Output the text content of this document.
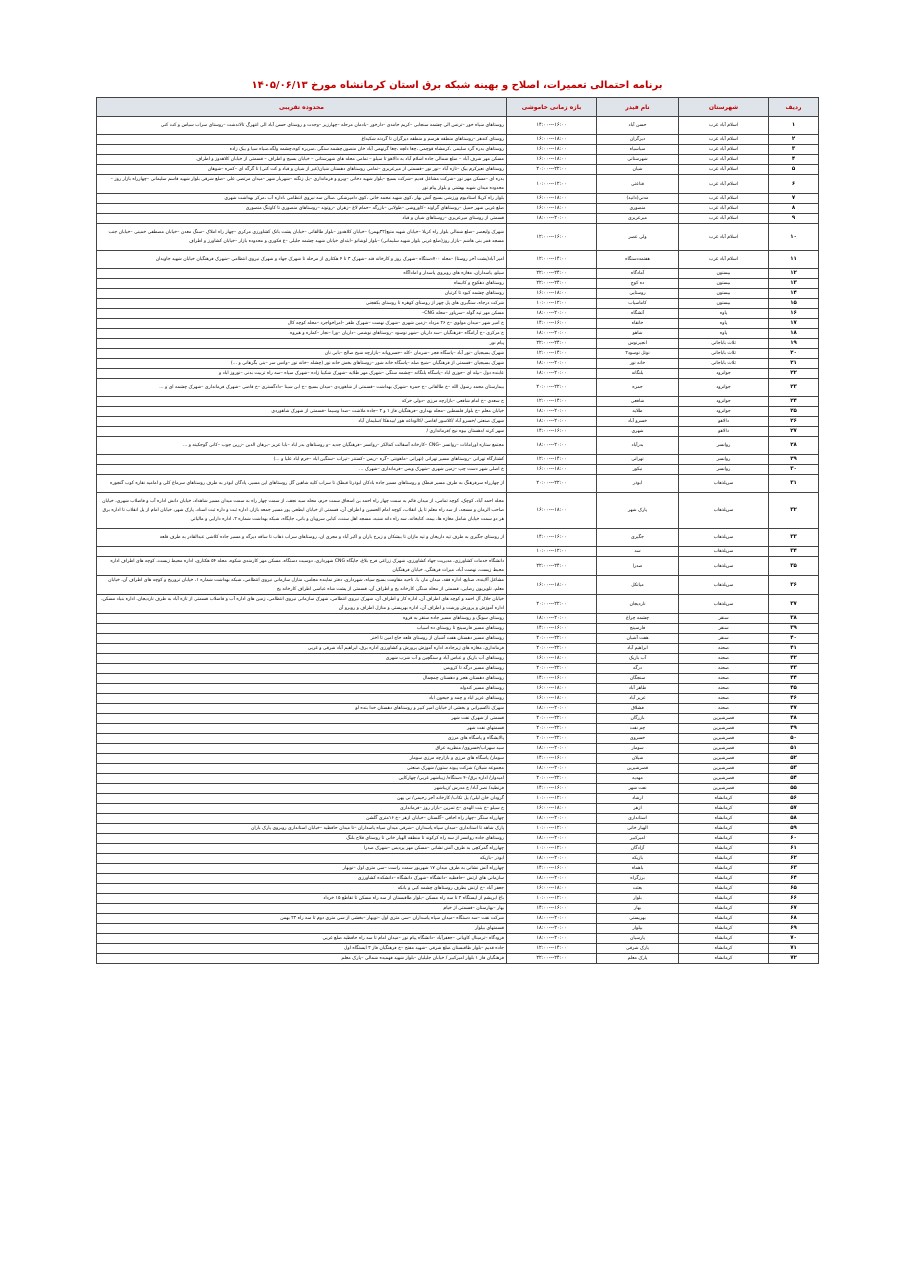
برنامه احتمالی تعمیرات، اصلاح و بهینه شبکه برق استان کرمانشاه مورخ ۱۴۰۵/۰۶/۱۳
ردیف	شهرستان	نام فیدر	بازه زمانی خاموشی	محدوده تقریبی
۱	اسلام آباد غرب	حسن آباد	۱۴:۰۰---۱۶:۰۰	روستاهای سیاه خور –ترنس الی چشمه سنجابی –کریم حامدی –دارخور –بادمان مرحله –چهارزبر –وحدت و روستای حسن آباد الی انتهرگ تالاندشت –روستای سراب سیاس و کت کنی
۲	اسلام آباد غرب	دیزگران	۱۶:۰۰---۱۸:۰۰	روستای کندهر –روستاهای منطقه هرسم و منطقه دیزگران تا گردنه شکیداغ
۳	اسلام آباد غرب	سیاسیاه	۱۶:۰۰---۱۸:۰۰	روستاهای بدره گرد سلیمی ،کرمشاه قوچمی ،چغا دلچه ،چغا گرنهمی آباد خان منصور،چشمه سنگی ،سربره کوه،چشمه ولگه،سیاه سیا و بیک زاده
۴	اسلام آباد غرب	شهرستانی	۱۶:۰۰---۱۸:۰۰	مسکن مهر شرف آباد – ضلع شمالی جاده اسلام آباد به دالاهو تا سیلو – تمامی محله های شهرستانی – خیابان بسیج و اطراف – قسمتی از خیابان کلاهدوز و اطراف
۵	اسلام آباد غرب	شیان	۲۰:۰۰---۲۲:۰۰	روستاهای نعیرکرم بیک –تازه آباد –نور نور –قسمتی از میرعزیزی –تمامی روستاهای دهستان شیان(غیر از شیان و قباد و کت کنی) تا گرگه ای –کمره –شوهان
۶	اسلام آباد غرب	قناعتی	۱۰:۰۰---۱۲:۰۰	بدره ای –مسکن مهر نور –شرکت مشاغل قدیم –شرکت بسیج –بلوار شهید دخانی –ویرو و فرمانداری –پل زنگنه –شهریار شهر –میدان مرتضی علی –ضلع شرقی بلوار شهید قاسم سلیمانی –چهارراه بازار روز –محدوده میدان شهید بهشتی و بلوار پیام نور
۷	اسلام آباد غرب	مدنی(دانید)	۱۶:۰۰---۱۸:۰۰	بلوار راه کربلا استادیوم ورزشی بسیج آتش بهار ،کوی شهید محمد خانی ،کوی دامپزشکی ،سالن سه نیروی انتظامی ،اداره آب ،مرکز بهداشت شهری
۸	اسلام آباد غرب	منصوری	۱۶:۰۰---۱۸:۰۰	ضلع غربی شهر حمیل –روستاهای گراوند –کاوروشی –طولابی –بازرگه –حمام لاغ –زهران –روتوند –روستاهای منصوری تا کاوتنگ منصوری
۹	اسلام آباد غرب	میرعزیزی	۱۸:۰۰---۲۰:۰۰	قسمتی از روستای میرعزیزی –روستاهای شیان و قباد
۱۰	اسلام آباد غرب	ولی عصر	۱۲:۰۰---۱۶:۰۰	شهرک ولیعصر –ضلع شمالی بلوار راه کربلا –خیابان شهید متبع(۳۲بهمن) –خیابان کلاهدوز –بلوار طالقانی –خیابان پشت بانک کشاورزی مرکزی –چهار راه املاک –سنگ معدن –خیابان مصطفی خمینی –خیابان جنب مسجد قمر بنی هاشم –بازار روز(ضلع غربی بلوار شهید سلیمانی) –بلوار لوشانو –ابتدای خیابان شهید چشمه جلیلی –ع فکوری و محدوده بازار –خیابان کشاورز و اطراف
۱۱	اسلام آباد غرب	هفتمددستگاه	۱۲:۰۰---۱۴:۰۰	امیر آباد(پشت آخر روستا) –محله ۷۰۰دستگاه –شهرک روز و کارخانه قند –شهرک ۳ تا ۴ هکتاری از مرحله تا شهرک جهاد و شهرک نیروی انتظامی –شهرک فرهنگیان خیابان شهید جاویدان
۱۲	بیستون	آمادگاه	۲۲:۰۰---۲۴:۰۰	سیلو، پاسداران، مغازه های روبروی پاسدار و اماداگاه
۱۳	بیستون	ده کوچ	۲۲:۰۰---۲۴:۰۰	روستاهای دهکوچ و کانیماه
۱۴	بیستون	روستایی	۱۶:۰۰---۱۸:۰۰	روستاهای چشمه کبود تا کرتیان
۱۵	بیستون	کاماسیاب	۱۰:۰۰---۱۲:۰۰	شرکت درجاه، سنگبری های پل چهر از روستای کوهره تا روستای بکفجنی
۱۶	پاوه	آتشگاه	۱۸:۰۰---۲۰:۰۰	مسکن مهر تپه گوله –سرپاور –محله CNG–
۱۷	پاوه	خانقاه	۱۴:۰۰---۱۶:۰۰	خ امیر شهر –میدان مولوی –خ ۲۶ مرداد –زمین شهری –شهرک نهضت –شهرک ظفر –امراخواجرد –محله کوچه کال
۱۸	پاوه	شاهو	۱۸:۰۰---۲۰:۰۰	خ مرکزی –خ آرامگاه –فرهنگیان –سد داریان –شهر نوسود –روستاهای نوشمی –داریان –ورا –نجار –کماره و هیروه
۱۹	ثلاث باباجانی	انجیرنوس	۲۲:۰۰---۲۴:۰۰	پیام نور
۲۰	ثلاث باباجانی	نوتل نوسود۲	۱۲:۰۰---۱۴:۰۰	شهرک بسیجیان –نور آباد –پاسگاه فجر –شرمان –کله –خسروپانه –بازارچه شیخ صالح –بابی نان
۲۱	ثلاث باباجانی	خانه نور	۱۸:۰۰---۲۰:۰۰	شهرک بسیجیان –قسمتی از فرهنگیان –شیخ صله –پاسگاه خانه شور –روستاهای بخش خانه نور (چشله –خانه نور –وانس سر –بنی بگرهانی و ...)
۲۲	جوانرود	بلنگانه	۱۸:۰۰---۲۰:۰۰	عابنده دول –بیله ای –حوری اباد –پاسگاه بلنگانه –چشمه سنگی –شهرک مهر طلایه –شهرک شکیبا زاده –شهرک سپاه –سه راه تربیت بدنی –نوروز اباد و
۲۳	جوانرود	حمزه	۲۰:۰۰---۲۲:۰۰	بیمارستان محمد رسول الله –خ طالقانی –خ حمزه –شهرک بهداشت –قسمتی از شاهوردی –میدان بسیج –خ ابن سینا –دادگستری –خ قاضی –شهرک فرمانداری –شهرک چشمه ای و ...
۲۴	جوانرود	شافعی	۱۲:۰۰---۱۴:۰۰	خ سعدی –خ امام شافعی –بازارچه مرزی –دولی خرکه
۲۵	جوانرود	طلایه	۱۸:۰۰---۲۰:۰۰	خیابان معلم –خ بلوار فلسطین –محله بهداری –فرهنگیان فاز ۱ و ۲ –جاده ملاشت –صدا وسیما –قسمتی از شهرک شاهوردی
۲۶	دالاهو	خسرو آباد	۱۸:۰۰---۲۰:۰۰	شهرک صنعتی /خسرو آباد /کلاسور /قاضی /کالوداغه هور /بیدهکا /سلیمان آباد
۲۷	دالاهو	شهری	۱۴:۰۰---۱۶:۰۰	شهر کرند /دهستان بیوه نیج /فرمانداری /
۲۸	روانسر	بدرآباد	۱۸:۰۰---۲۰:۰۰	مجتمع ستاره اورامانات –روانسر –CNG –کارخانه آسفالت کمالکر –روانسر –فرهنگیان جدید –و روستاهای بدر اباد –بابا عزیز –برهان الدین –زرین جوب –کانی گوجکینه و ...
۲۹	روانسر	تهرانی	۱۲:۰۰---۱۴:۰۰	کشتارگاه تهرانی –روستاهای مسیر تهرانی (تهرانی –ماهونتی –گره –ریس –کستنر –تیراب –سنگین اباد –خرم اباد علیا و ...)
۳۰	روانسر	نیکور	۱۶:۰۰---۱۸:۰۰	خ اصلی شهر دست چپ –زمین شهری –شهرک ویس –فرمانداری –شهرک ...
۳۱	سرپلذهاب	ابوذر	۲۰:۰۰---۲۲:۰۰	از چهارراه سرفرهنگ به طرف مسیر قبطک و روستاهای مسیر جاده بادکان ابوذرتا قبطک تا سراب کلیه شاهین گل روستاهای این مسیر، پادگان ابوذر به طرف روستاهای سرماغ کلی و امامیه نقاره کوب گنجوره
۳۲	سرپلذهاب	پارک شهر	۱۶:۰۰---۱۸:۰۰	محله احمد آباد، کوچک، کوچه تمامی، از میدان قائم به سمت چهار راه احمد بن اسحاق سمت حرم، محله سید نجف، از سمت چهار راه به سمت میدان مسیر شاهداد، خیابان دانش اداره آب و فاضلاب شهری، خیابان صاحب الزمان و مسجد، از سه راه معلم تا پل انقلاب، کوچه امام الحسین و اطراف آن، قسمتی از خیابان ابطحی پور مسیر جمعه بازار، اداره ثبت و داره ثبت اسناد، پارک شهر، خیابان امام از پل انقلاب تا اداره برق هر دو سمت خیابان شامل مغازه ها، بیمه، کتابخانه، سه راه دانه شنبه، مسجد اهل سنت، کبابی سرویان و بانی، جایگاه، شبکه بهداشت شماره ۲، اداره دارایی و مالیاتی
۳۳	سرپلذهاب	جگیری	۱۴:۰۰---۱۶:۰۰	از روستای جگیری به طرف تپه داریخان و تپه مازان تا بیشکان و زیرخ باران و اکبر آباد و مجری ان، روستاهای سراب ذهاب تا ساقه دیزگه و مسیر جاده کلاشی عبدالقادر به طرف قلعه
۳۴	سرپلذهاب	سد	۱۰:۰۰---۱۲:۰۰	
۳۵	سرپلذهاب	صدرا	۲۲:۰۰---۲۴:۰۰	دانشگاه خدمات کشاورزی، مدیریت جهاد کشاورزی، شهرک زراعی فرح بلاغ، جایگاه CNG شهرداری، دوسیت دستگاه، مسکن مهر کارمندی شکوه، محله ۵۴ هکتاری، اداره محیط زیست، کوچه های اطراف اداره محیط زیست، نهضت آباد، میراث فرهنگی، خیابان فرهنگیان
۳۶	سرپلذهاب	میانکل	۱۶:۰۰---۱۸:۰۰	مشاغل آلاینده، صنایع، اداره فقه، میدان مار، با، ناحیه مقاومت بسیج سپاه، شهرداری، دفتر نماینده مجلس، منازل سازمانی نیروی انتظامی، شبکه بهداشت شماره ۱، خیابان تروریخ و کوچه های اطراف آن، خیابان معلم، تلویزیون رضایی، قسمتی از محله سنگر، کارخانه یخ و اطراف آن، قسمتی از پشت شاه عباسی اطراف کارخانه یخ
۳۷	سرپلذهاب	ناردیجان	۲۰:۰۰---۲۲:۰۰	خیابان جلال آل احمد و کوچه های اطراف آن، اداره کار و اطراف آن، شهرک نیروی انتظامی، شهرک سازمانی نیروی انتظامی، زمین های اداره آب و فاضلاب قسمتی از تازه آباد به طرف ناردیجان، اداره بنیاد مسکن، اداره آموزش و پرورش ورشت و اطراف آن، اداره بهزیستی و منازل اطراف و روبرو آن
۳۸	سنقر	چشمه چراغ	۱۸:۰۰---۲۰:۰۰	روستای سونگ و روستاهای مسیر جاده سنقر به قروه
۳۹	سنقر	فارسینج	۱۴:۰۰---۱۶:۰۰	روستاهای مسیر فارسینج تا روستای ده اسیاب
۴۰	سنقر	هفت آشیان	۲۰:۰۰---۲۲:۰۰	روستاهای مسیر دهستان هفت آشیان از روستای قلعه حاج امین تا اخنر
۴۱	صحنه	ابراهیم آباد	۲۰:۰۰---۲۲:۰۰	فرمانداری، مغازه های زیرجاده، اداره آموزش پرورش و کشاورزی اداره برق، ابراهیم آباد شرقی و غربی
۴۲	صحنه	آب باریک	۱۶:۰۰---۱۸:۰۰	روستاهای آب باریک و عباس آباد و سنگچین و آب شرب شهری
۴۳	صحنه	درگه	۲۰:۰۰---۲۲:۰۰	روستاهای مسیر درگه تا کرویس
۴۴	صحنه	سنجگان	۱۴:۰۰---۱۶:۰۰	روستاهای دهستان هجر و دهستان چمچمال
۴۵	صحنه	طاهر آباد	۱۶:۰۰---۱۸:۰۰	روستاهای مسیر کندوله
۴۶	صحنه	عزیز آباد	۱۶:۰۰---۱۸:۰۰	روستاهای عزیز اباد و چمه و جیحون اباد
۴۷	صحنه	فشلاق	۱۸:۰۰---۲۰:۰۰	شهرک تاکسیرانی و بخشی از خیابان امیر کبیر و روستاهای دهستان خدا بنده لو
۴۸	قصرشیرین	بازرگان	۲۰:۰۰---۲۲:۰۰	قسمتی از شهرک نفت شهر
۴۹	قصرشیرین	چم نفت	۲۰:۰۰---۲۲:۰۰	قسمتهای نفت شهر
۵۰	قصرشیرین	خسروی	۲۰:۰۰---۲۲:۰۰	پالایشگاه و پاسگاه های مرزی
۵۱	قصرشیرین	سومار	۱۸:۰۰---۲۰:۰۰	سید سهراب/خسروی/ منظریه عراق
۵۲	قصرشیرین	شیلان	۱۴:۰۰---۱۶:۰۰	سومار/ پاسگاه های مرزی و بازارچه مرزی سومار
۵۳	قصرشیرین	قصرشیرین	۱۸:۰۰---۲۰:۰۰	مجموعه شیلان/ شرکت پیوند ستون/ شهرک صنعتی
۵۴	قصرشیرین	مهدیه	۲۰:۰۰---۲۲:۰۰	امیدوار/ اداره برق/۴۰ دستگاه/ زیباشهر غربی/ چهارکاپی
۵۵	قصرشیرین	نفت شهر	۱۴:۰۰---۱۶:۰۰	فرنطیه/ نصر آباد/ خ مدرس /زیباشهر
۵۶	کرمانشاه	ارشاد	۱۰:۰۰---۱۲:۰۰	گرودان خان لیلی/ پل تکاب/ کارخانه آجر رحیمی/ نی پهن
۵۷	کرمانشاه	ازهر	۱۶:۰۰---۱۸:۰۰	خ سیلو –خ بنت الهدی –خ تمرین –بازار روز –فرمانداری
۵۸	کرمانشاه	استانداری	۱۸:۰۰---۲۰:۰۰	چهارراه سنگر –چهار راه اجاقی –گلستان –خیابان ازهر –خ ۱۶متری گلشن
۵۹	کرمانشاه	الهیار خانی	۱۰:۰۰---۱۲:۰۰	پارک شاهد تا استانداری –میدان سپاه پاسداران –شرقی میدان سپاه پاسداران –تا میدان حافظیه –خیابان استانداری روبروی پارک باران
۶۰	کرمانشاه	امیرکبیر	۱۸:۰۰---۲۰:۰۰	روستاهای جاده روانسر از سه راه کرکوند تا منطقه الهیار خانی تا روستای قلاح بلنگ
۶۱	کرمانشاه	آزادگان	۱۰:۰۰---۱۲:۰۰	چهارراه گمرکچی به طرف آتش نشانی –مسکن مهر پردیس –شهرک صدرا
۶۲	کرمانشاه	بازیکه	۱۸:۰۰---۲۰:۰۰	ابوذر –بازیکه
۶۳	کرمانشاه	باهماه	۱۴:۰۰---۱۶:۰۰	چهارراه آتش نشانی به طرف میدان ۱۷ شهریور سمت راست –سی متری اول –نوبهار
۶۴	کرمانشاه	برزگراه	۱۸:۰۰---۲۰:۰۰	سازمانی های ارتش –حافظیه –دانشگاه –شهرک دانشگاه –دانشکده کشاورزی
۶۵	کرمانشاه	بعثت	۱۶:۰۰---۱۸:۰۰	جعفر آباد –خ ارتش بطرف روستاهای چشمه کبی و بانکه
۶۶	کرمانشاه	بلوار	۱۰:۰۰---۱۲:۰۰	باغ ابریشم از ایستگاه ۲ تا سه راه مسکن –بلوار طاقبستان از سه راه مسکن تا تقاطع ۱۵ خرداد
۶۷	کرمانشاه	بهار	۱۴:۰۰---۱۶:۰۰	بهار –بهارستان –قسمتی از خیام
۶۸	کرمانشاه	بهزیستی	۱۸:۰۰---۲۰:۰۰	شرکت نفت –سد دستگاه –میدان سپاه پاسداران –سی متری اول –نوبهار –بخشی از سی متری دوم تا سه راه ۲۲ بهمن
۶۹	کرمانشاه	بیلوار	۱۸:۰۰---۲۰:۰۰	قسمتهای بیلوار
۷۰	کرمانشاه	پارسیان	۱۸:۰۰---۲۰:۰۰	فرودگاه –ترمینال کاویانی –جعفرآباد –دانشگاه پیام نور –میدان امام تا سه راه حافظیه ضلع غربی
۷۱	کرمانشاه	پارک شرقی	۱۲:۰۰---۱۴:۰۰	جاده قدیم –بلوار طاقبستان ضلع شرقی –شهید مفتح –خ فرهنگیان فاز ۲ ایستگاه اول
۷۲	کرمانشاه	پارک معلم	۲۲:۰۰---۲۴:۰۰	فرهنگیان فاز ۱ بلوار امیرکبیر / خیابان جلیلیان –بلوار شهید فهمیده شمالی –پارک معلم
